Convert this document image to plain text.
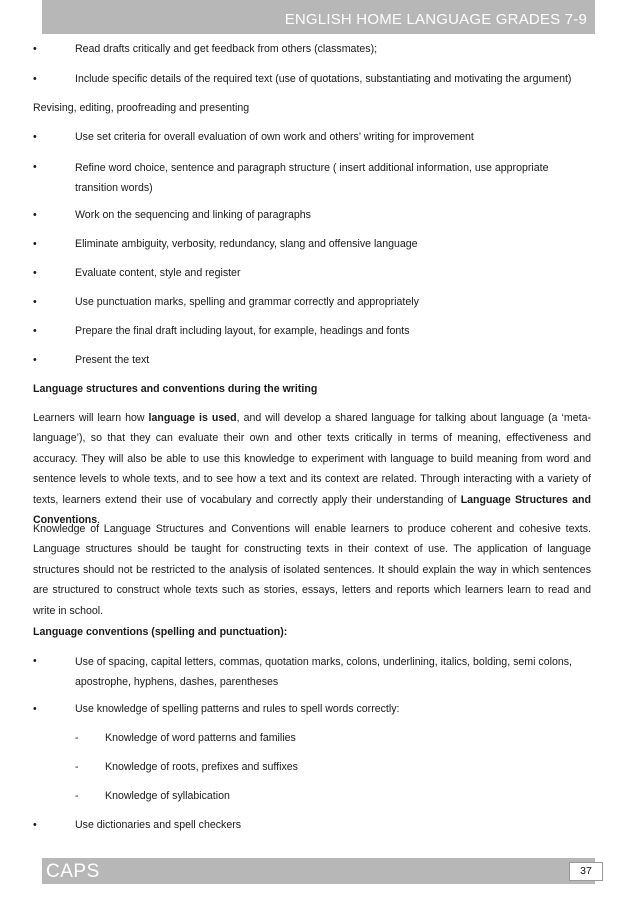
ENGLISH HOME LANGUAGE GRADES 7-9
•	Read drafts critically and get feedback from others (classmates);
•	Include specific details of the required text (use of quotations, substantiating and motivating the argument)
Revising, editing, proofreading and presenting
•	Use set criteria for overall evaluation of own work and others’ writing for improvement
•	Refine word choice, sentence and paragraph structure ( insert additional information, use appropriate transition words)
•	Work on the sequencing and linking of paragraphs
•	Eliminate ambiguity, verbosity, redundancy, slang and offensive language
•	Evaluate content, style and register
•	Use punctuation marks, spelling and grammar correctly and appropriately
•	Prepare the final draft including layout, for example, headings and fonts
•	Present the text
Language structures and conventions during the writing
Learners will learn how language is used, and will develop a shared language for talking about language (a ‘meta-language’), so that they can evaluate their own and other texts critically in terms of meaning, effectiveness and accuracy. They will also be able to use this knowledge to experiment with language to build meaning from word and sentence levels to whole texts, and to see how a text and its context are related. Through interacting with a variety of texts, learners extend their use of vocabulary and correctly apply their understanding of Language Structures and Conventions.
Knowledge of Language Structures and Conventions will enable learners to produce coherent and cohesive texts. Language structures should be taught for constructing texts in their context of use. The application of language structures should not be restricted to the analysis of isolated sentences. It should explain the way in which sentences are structured to construct whole texts such as stories, essays, letters and reports which learners learn to read and write in school.
Language conventions (spelling and punctuation):
•	Use of spacing, capital letters, commas, quotation marks, colons, underlining, italics, bolding, semi colons, apostrophe, hyphens, dashes, parentheses
•	Use knowledge of spelling patterns and rules to spell words correctly:
- Knowledge of word patterns and families
- Knowledge of roots, prefixes and suffixes
- Knowledge of syllabication
•	Use dictionaries and spell checkers
CAPS	37
